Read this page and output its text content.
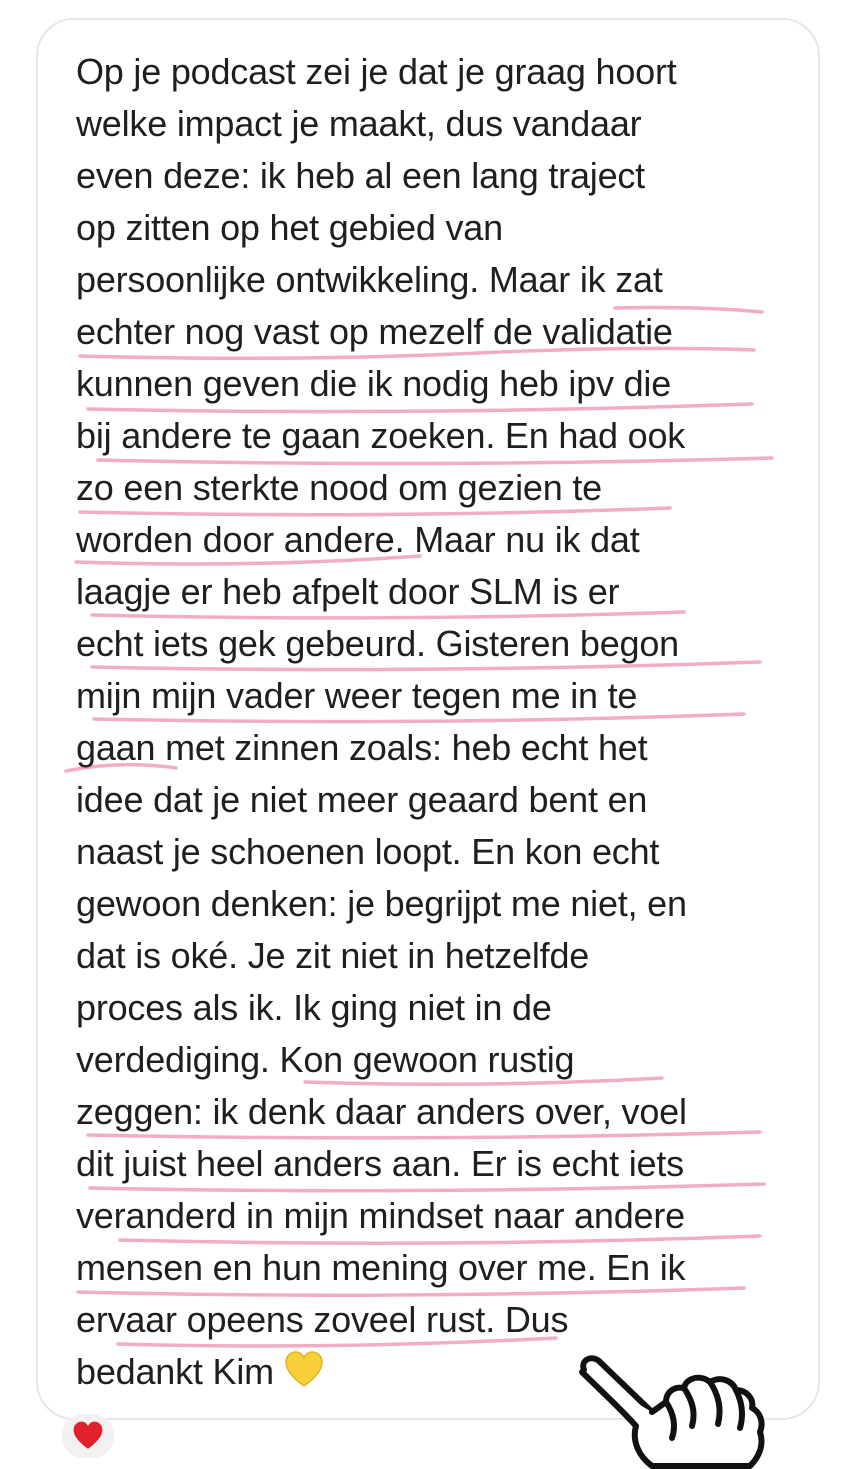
Op je podcast zei je dat je graag hoort
welke impact je maakt, dus vandaar
even deze: ik heb al een lang traject
op zitten op het gebied van
persoonlijke ontwikkeling. Maar ik zat
echter nog vast op mezelf de validatie
kunnen geven die ik nodig heb ipv die
bij andere te gaan zoeken. En had ook
zo een sterkte nood om gezien te
worden door andere. Maar nu ik dat
laagje er heb afpelt door SLM is er
echt iets gek gebeurd. Gisteren begon
mijn mijn vader weer tegen me in te
gaan met zinnen zoals: heb echt het
idee dat je niet meer geaard bent en
naast je schoenen loopt. En kon echt
gewoon denken: je begrijpt me niet, en
dat is oké. Je zit niet in hetzelfde
proces als ik. Ik ging niet in de
verdediging. Kon gewoon rustig
zeggen: ik denk daar anders over, voel
dit juist heel anders aan. Er is echt iets
veranderd in mijn mindset naar andere
mensen en hun mening over me. En ik
ervaar opeens zoveel rust. Dus
bedankt Kim
